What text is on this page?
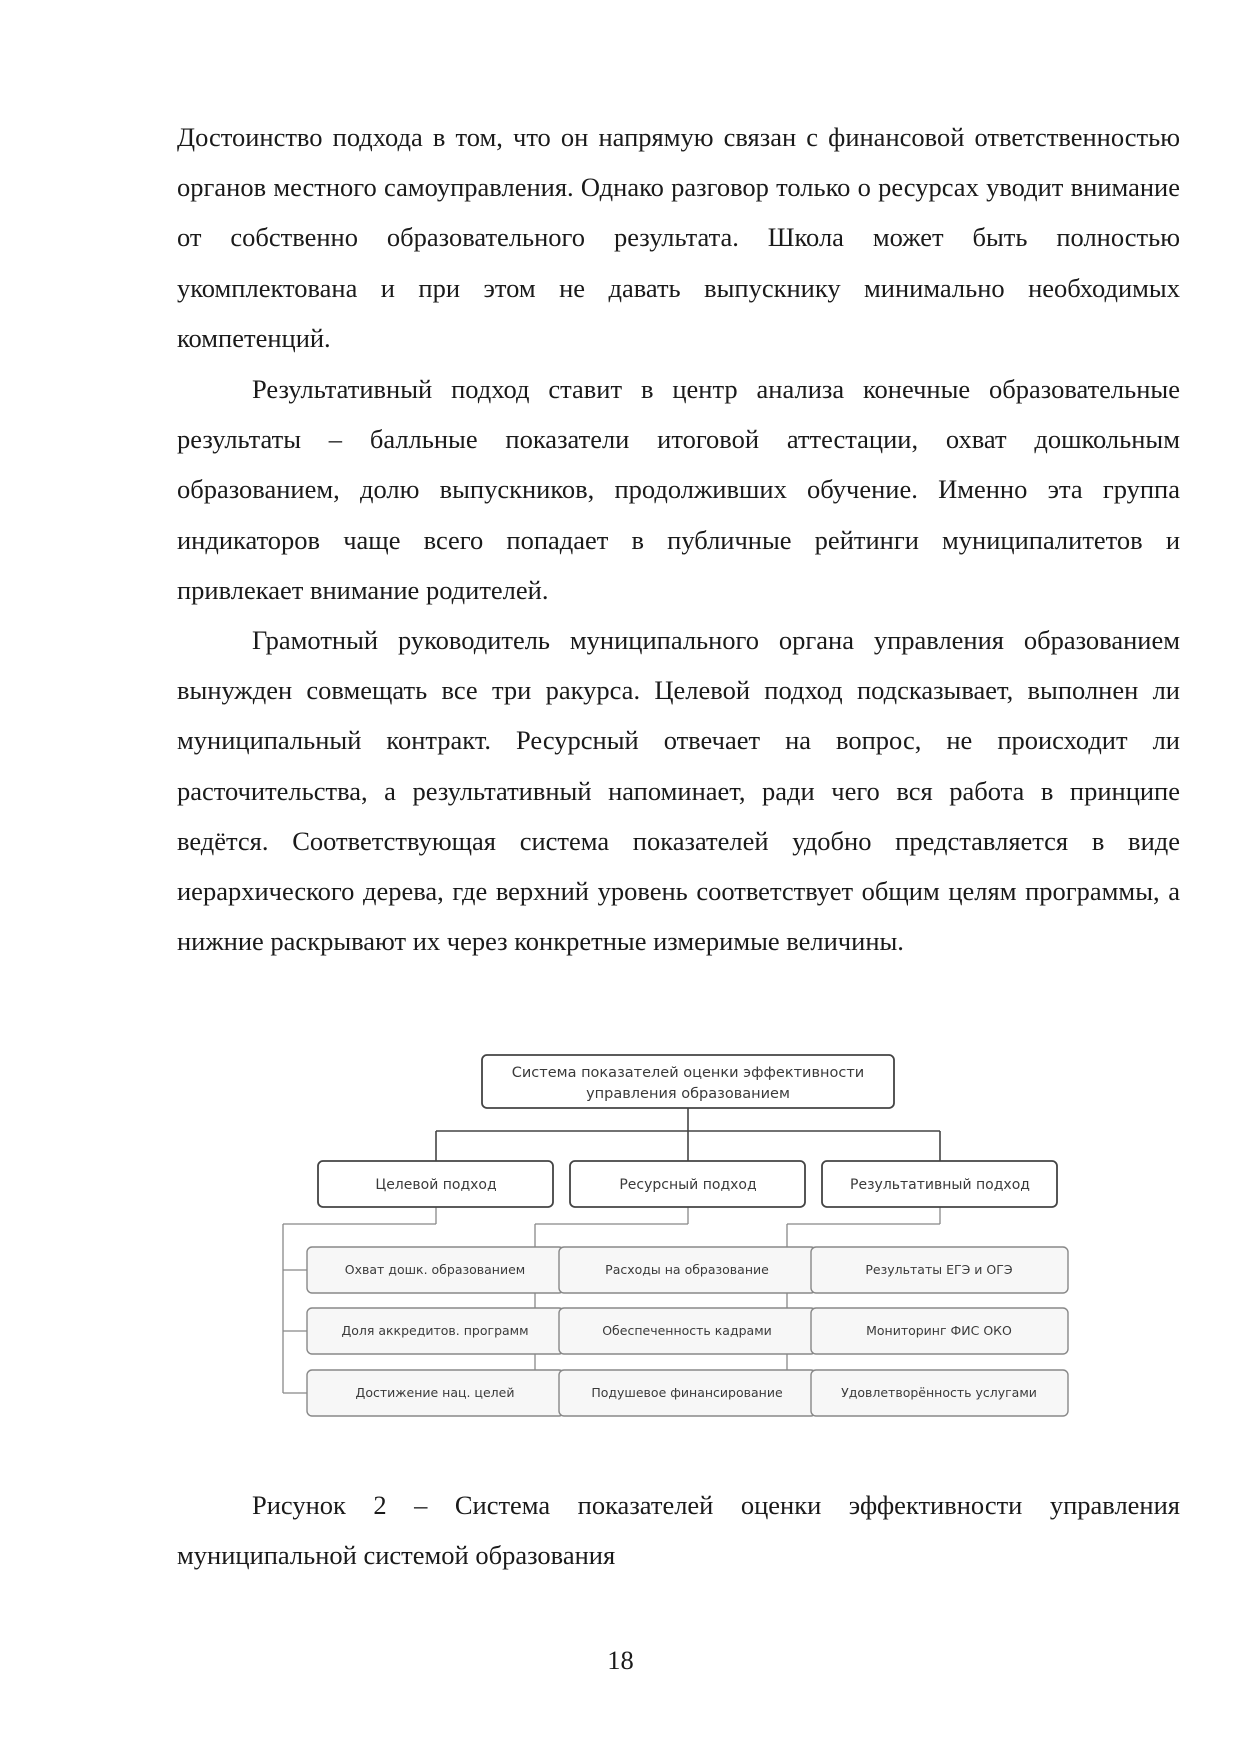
Достоинство подхода в том, что он напрямую связан с финансовой ответственностью органов местного самоуправления. Однако разговор только о ресурсах уводит внимание от собственно образовательного результата. Школа может быть полностью укомплектована и при этом не давать выпускнику минимально необходимых компетенций.

Результативный подход ставит в центр анализа конечные образовательные результаты – балльные показатели итоговой аттестации, охват дошкольным образованием, долю выпускников, продолживших обучение. Именно эта группа индикаторов чаще всего попадает в публичные рейтинги муниципалитетов и привлекает внимание родителей.

Грамотный руководитель муниципального органа управления образованием вынужден совмещать все три ракурса. Целевой подход подсказывает, выполнен ли муниципальный контракт. Ресурсный отвечает на вопрос, не происходит ли расточительства, а результативный напоминает, ради чего вся работа в принципе ведётся. Соответствующая система показателей удобно представляется в виде иерархического дерева, где верхний уровень соответствует общим целям программы, а нижние раскрывают их через конкретные измеримые величины.

Система показателей оценки эффективности
управления образованием
Целевой подход	Ресурсный подход	Результативный подход
Охват дошк. образованием
Доля аккредитов. программ
Достижение нац. целей
Расходы на образование
Обеспеченность кадрами
Подушевое финансирование
Результаты ЕГЭ и ОГЭ
Мониторинг ФИС ОКО
Удовлетворённость услугами

Рисунок 2 – Система показателей оценки эффективности управления муниципальной системой образования

18
